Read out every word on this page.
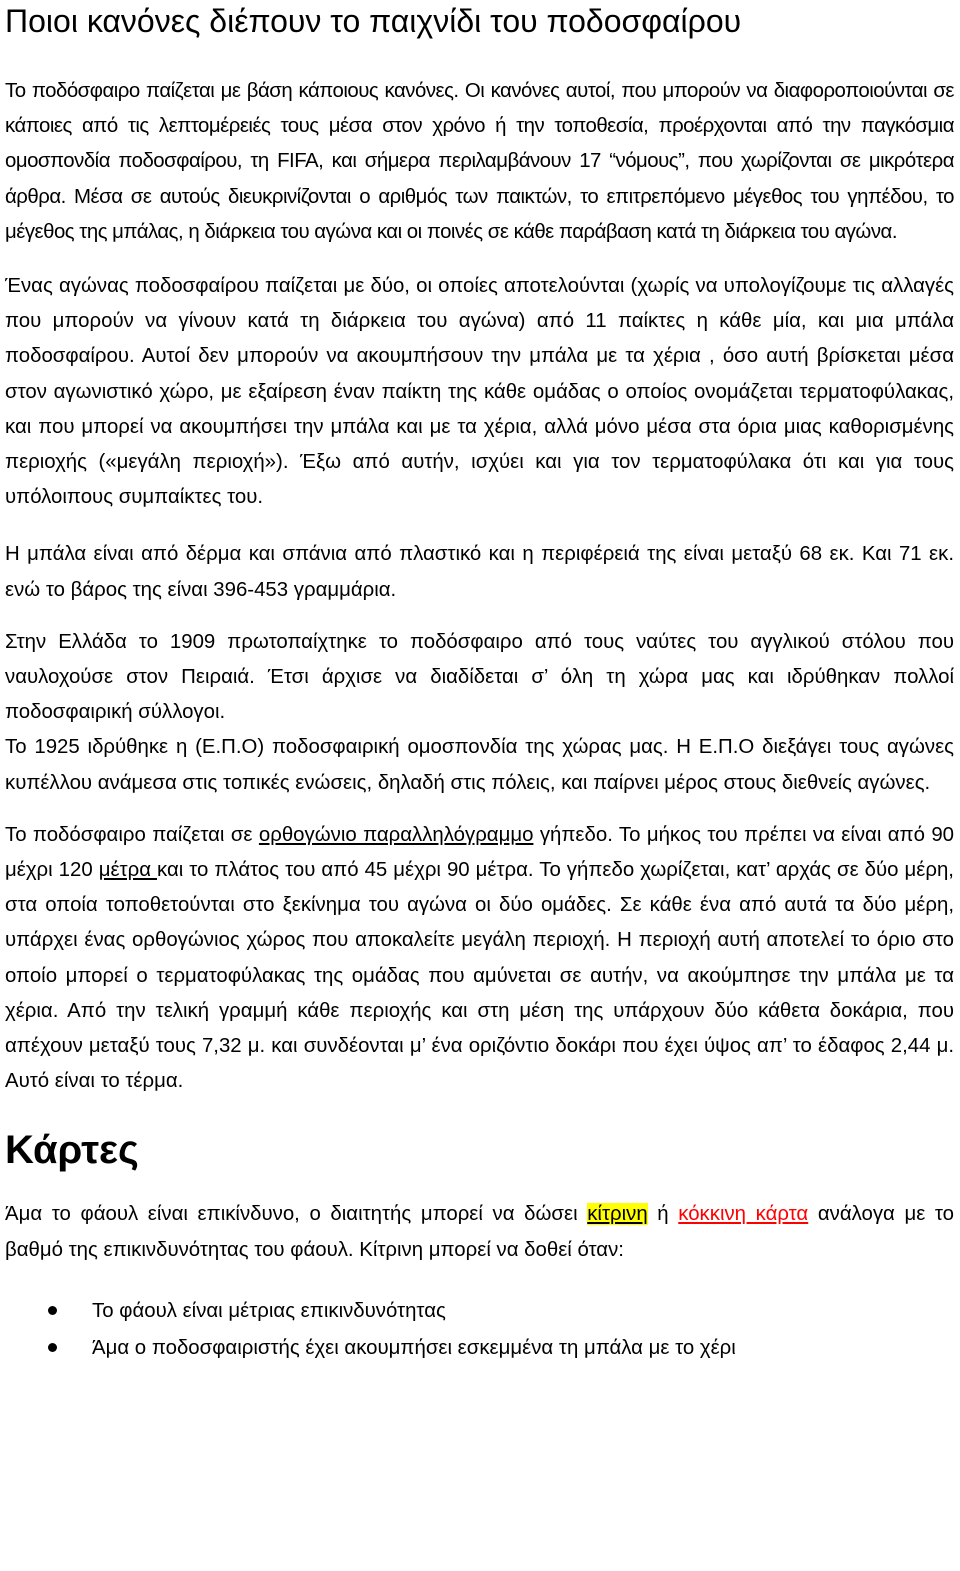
Ποιοι κανόνες διέπουν το παιχνίδι του ποδοσφαίρου

Το ποδόσφαιρο παίζεται με βάση κάποιους κανόνες. Οι κανόνες αυτοί, που μπορούν να διαφοροποιούνται σε κάποιες από τις λεπτομέρειές τους μέσα στον χρόνο ή την τοποθεσία, προέρχονται από την παγκόσμια ομοσπονδία ποδοσφαίρου, τη FIFA, και σήμερα περιλαμβάνουν 17 “νόμους”, που χωρίζονται σε μικρότερα άρθρα. Μέσα σε αυτούς διευκρινίζονται ο αριθμός των παικτών, το επιτρεπόμενο μέγεθος του γηπέδου, το μέγεθος της μπάλας, η διάρκεια του αγώνα και οι ποινές σε κάθε παράβαση κατά τη διάρκεια του αγώνα.

Ένας αγώνας ποδοσφαίρου παίζεται με δύο, οι οποίες αποτελούνται (χωρίς να υπολογίζουμε τις αλλαγές που μπορούν να γίνουν κατά τη διάρκεια του αγώνα) από 11 παίκτες η κάθε μία, και μια μπάλα ποδοσφαίρου. Αυτοί δεν μπορούν να ακουμπήσουν την μπάλα με τα χέρια , όσο αυτή βρίσκεται μέσα στον αγωνιστικό χώρο, με εξαίρεση έναν παίκτη της κάθε ομάδας ο οποίος ονομάζεται τερματοφύλακας, και που μπορεί να ακουμπήσει την μπάλα και με τα χέρια, αλλά μόνο μέσα στα όρια μιας καθορισμένης περιοχής («μεγάλη περιοχή»). Έξω από αυτήν, ισχύει και για τον τερματοφύλακα ότι και για τους υπόλοιπους συμπαίκτες του.

Η μπάλα είναι από δέρμα και σπάνια από πλαστικό και η περιφέρειά της είναι μεταξύ 68 εκ. Και 71 εκ. ενώ το βάρος της είναι 396-453 γραμμάρια.

Στην Ελλάδα το 1909 πρωτοπαίχτηκε το ποδόσφαιρο από τους ναύτες του αγγλικού στόλου που ναυλοχούσε στον Πειραιά. Έτσι άρχισε να διαδίδεται σ’ όλη τη χώρα μας και ιδρύθηκαν πολλοί ποδοσφαιρική σύλλογοι.

Το 1925 ιδρύθηκε η (Ε.Π.Ο) ποδοσφαιρική ομοσπονδία της χώρας μας. Η Ε.Π.Ο διεξάγει τους αγώνες κυπέλλου ανάμεσα στις τοπικές ενώσεις, δηλαδή στις πόλεις, και παίρνει μέρος στους διεθνείς αγώνες.

Το ποδόσφαιρο παίζεται σε ορθογώνιο παραλληλόγραμμο γήπεδο. Το μήκος του πρέπει να είναι από 90 μέχρι 120 μέτρα και το πλάτος του από 45 μέχρι 90 μέτρα. Το γήπεδο χωρίζεται, κατ’ αρχάς σε δύο μέρη, στα οποία τοποθετούνται στο ξεκίνημα του αγώνα οι δύο ομάδες. Σε κάθε ένα από αυτά τα δύο μέρη, υπάρχει ένας ορθογώνιος χώρος που αποκαλείτε μεγάλη περιοχή. Η περιοχή αυτή αποτελεί το όριο στο οποίο μπορεί ο τερματοφύλακας της ομάδας που αμύνεται σε αυτήν, να ακούμπησε την μπάλα με τα χέρια. Από την τελική γραμμή κάθε περιοχής και στη μέση της υπάρχουν δύο κάθετα δοκάρια, που απέχουν μεταξύ τους 7,32 μ. και συνδέονται μ’ ένα οριζόντιο δοκάρι που έχει ύψος απ’ το έδαφος 2,44 μ. Αυτό είναι το τέρμα.

Κάρτες

Άμα το φάουλ είναι επικίνδυνο, ο διαιτητής μπορεί να δώσει κίτρινη ή κόκκινη κάρτα ανάλογα με το βαθμό της επικινδυνότητας του φάουλ. Κίτρινη μπορεί να δοθεί όταν:

Το φάουλ είναι μέτριας επικινδυνότητας
Άμα ο ποδοσφαιριστής έχει ακουμπήσει εσκεμμένα τη μπάλα με το χέρι
